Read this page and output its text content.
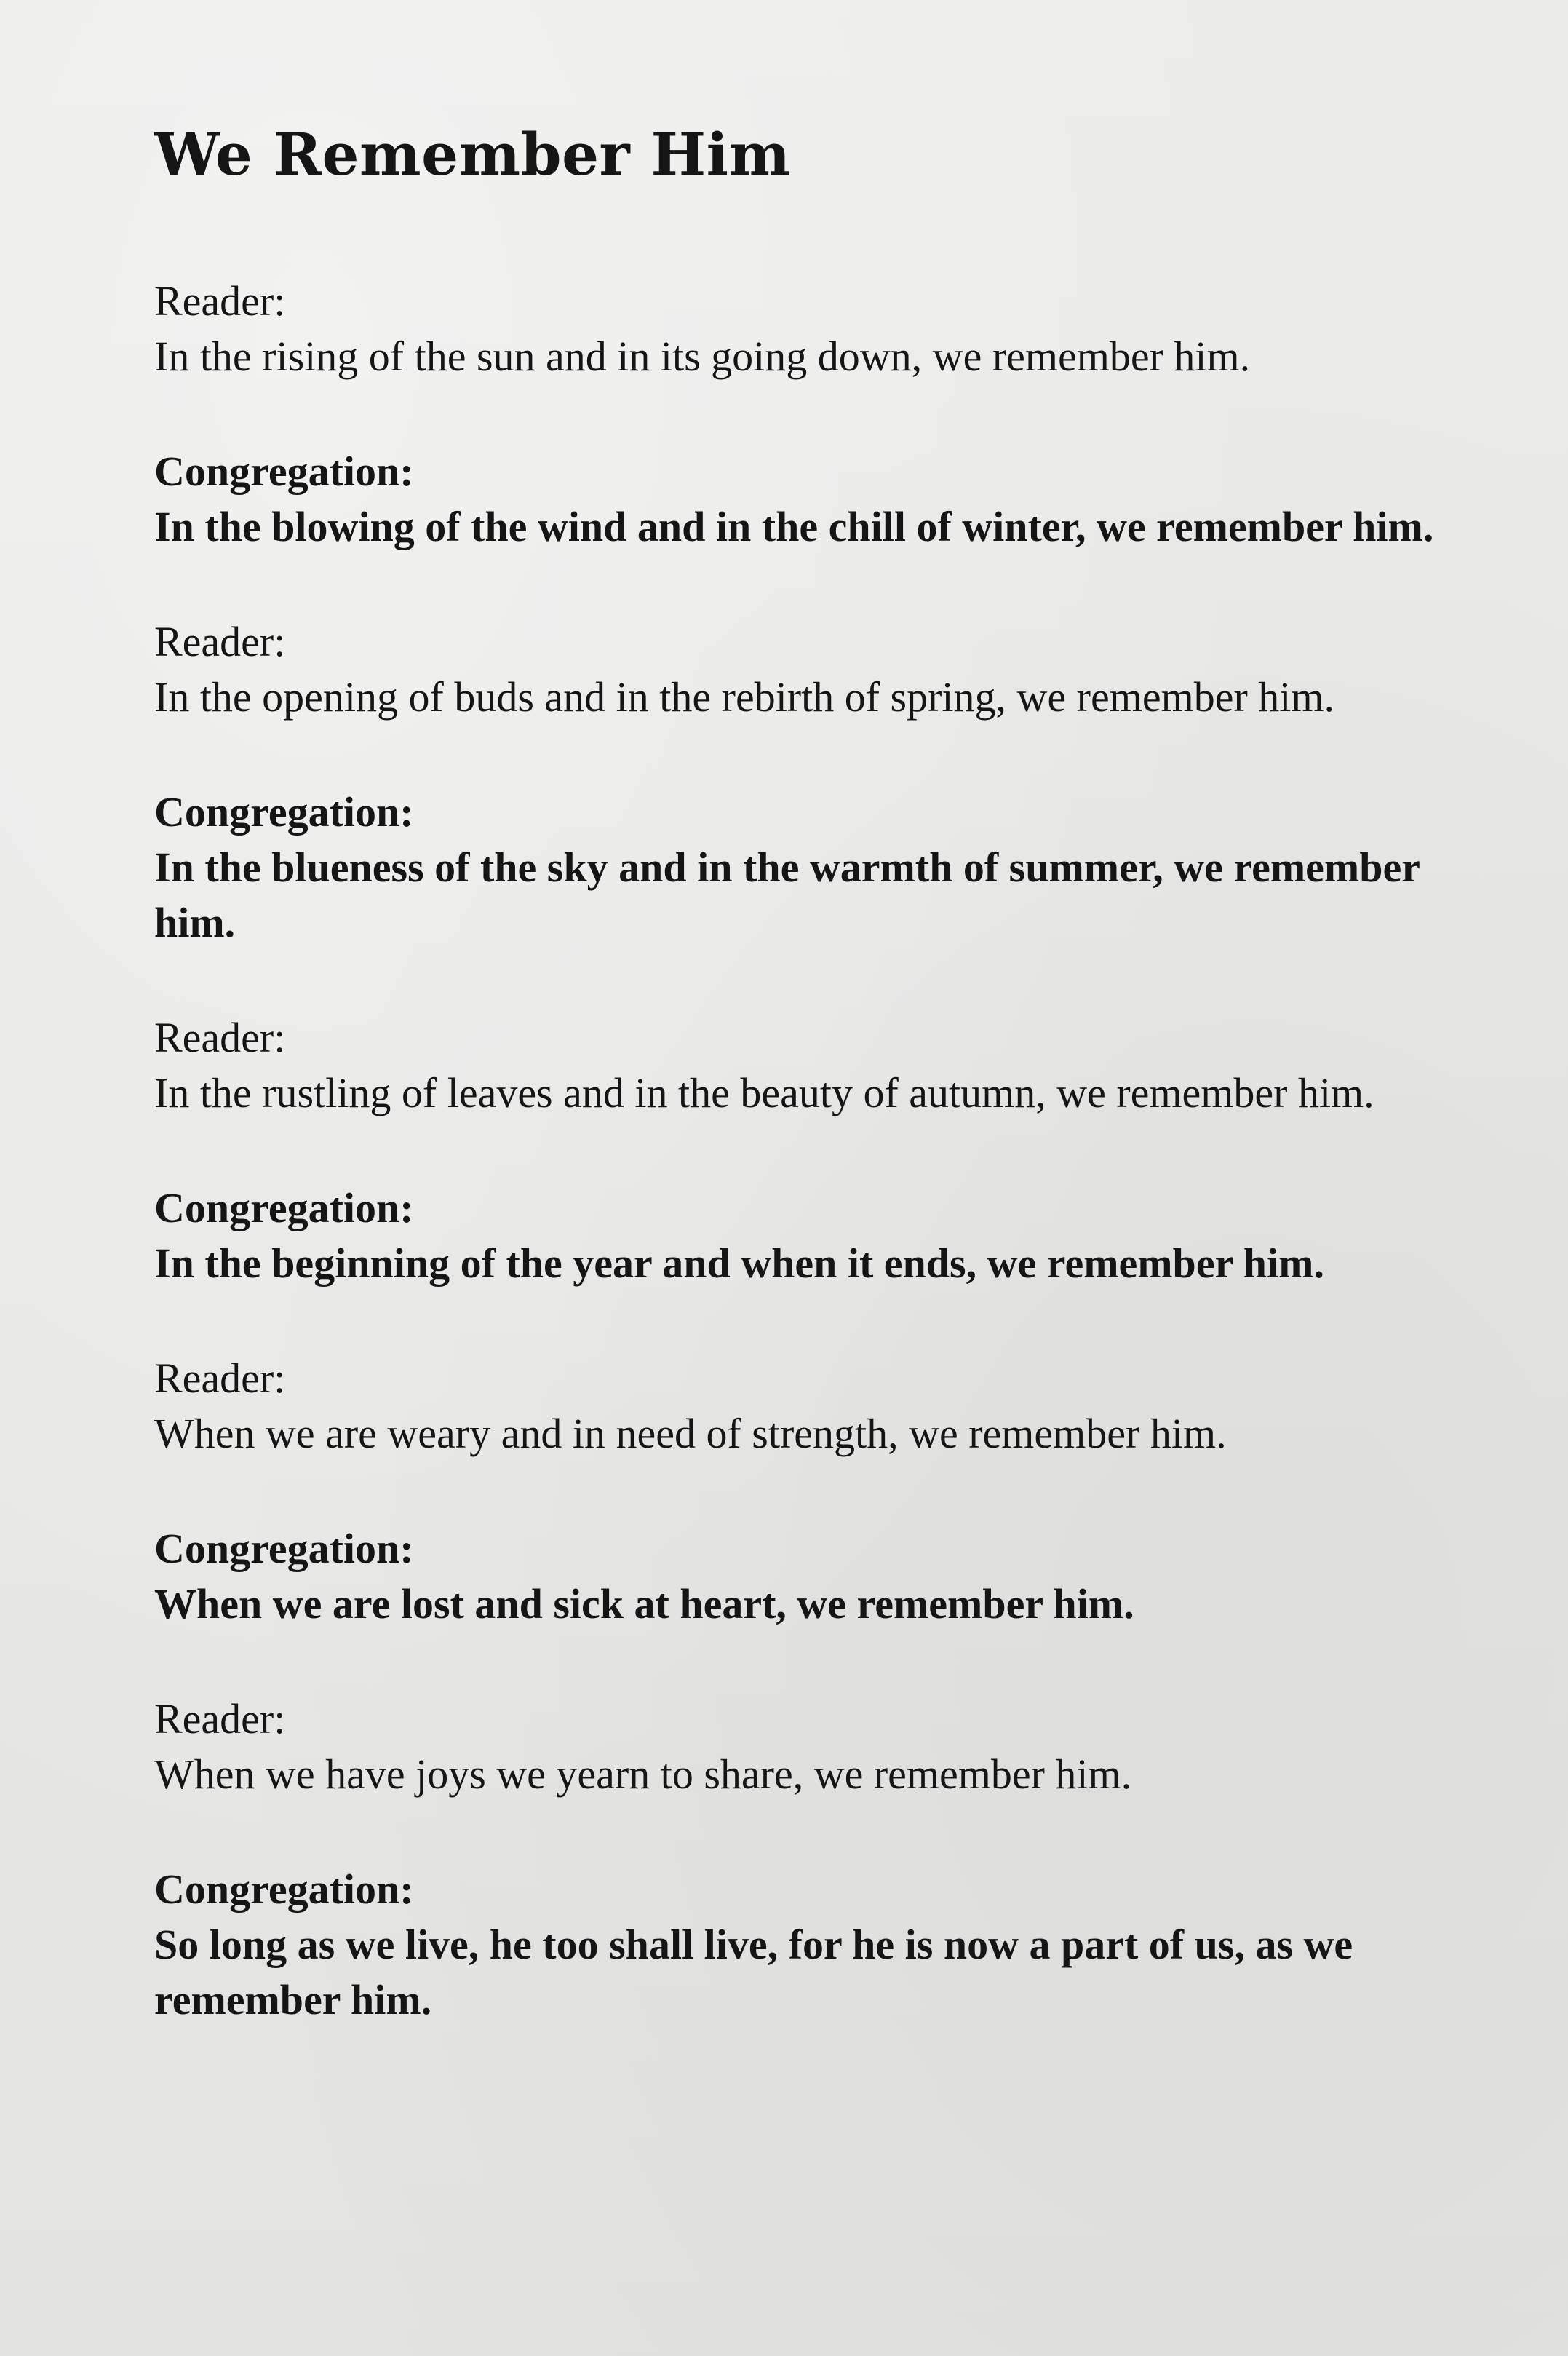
We Remember Him

Reader:

In the rising of the sun and in its going down, we remember him.

Congregation:

In the blowing of the wind and in the chill of winter, we remember him.

Reader:

In the opening of buds and in the rebirth of spring, we remember him.

Congregation:

In the blueness of the sky and in the warmth of summer, we remember him.

Reader:

In the rustling of leaves and in the beauty of autumn, we remember him.

Congregation:

In the beginning of the year and when it ends, we remember him.

Reader:

When we are weary and in need of strength, we remember him.

Congregation:

When we are lost and sick at heart, we remember him.

Reader:

When we have joys we yearn to share, we remember him.

Congregation:

So long as we live, he too shall live, for he is now a part of us, as we remember him.
